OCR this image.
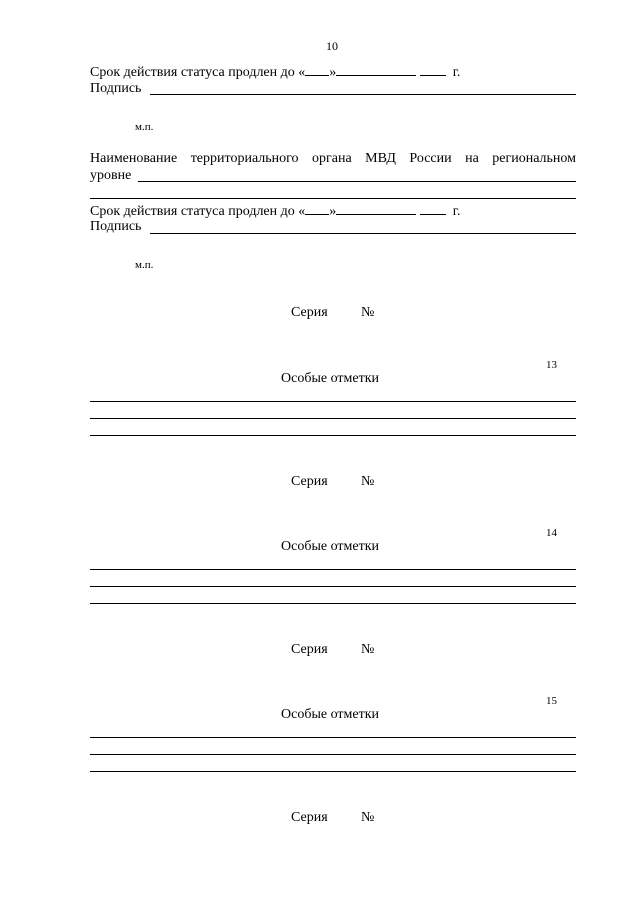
10
Срок действия статуса продлен до « »	г.
Подпись
м.п.
Наименование территориального органа МВД России на региональном
уровне
Срок действия статуса продлен до « »	г.
Подпись
м.п.
Серия №
13
Особые отметки
Серия №
14
Особые отметки
Серия №
15
Особые отметки
Серия №
